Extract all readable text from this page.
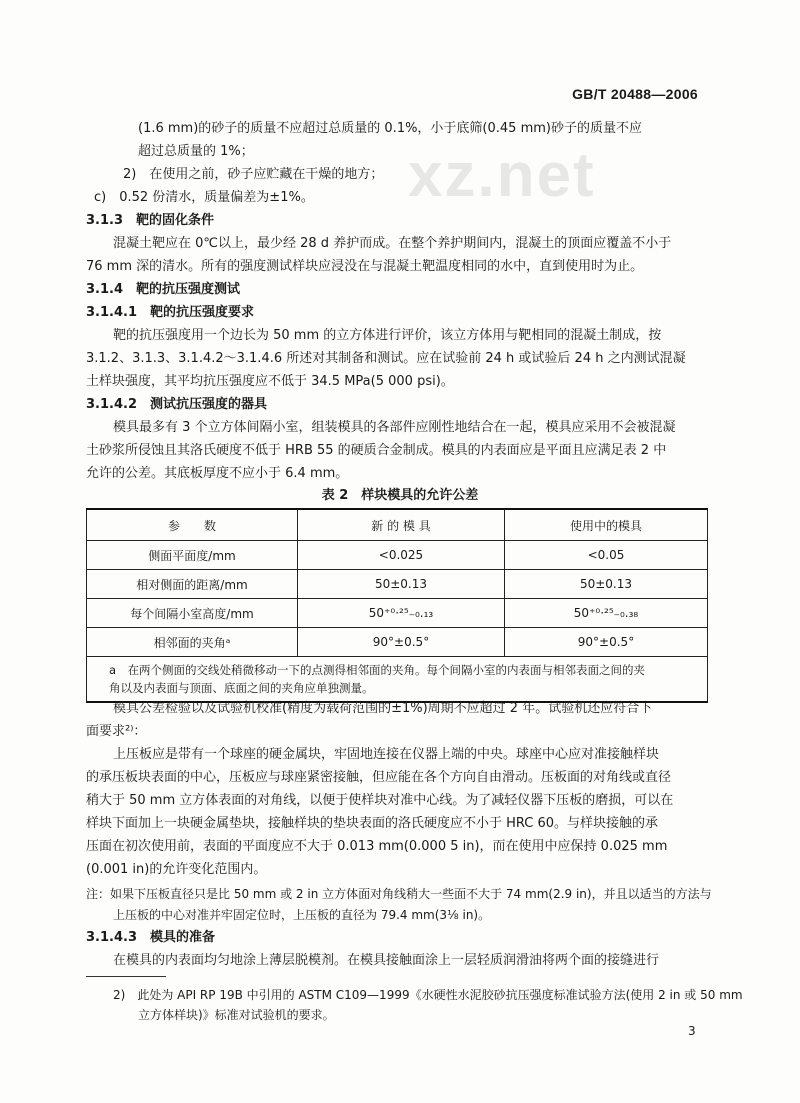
GB/T 20488—2006
xz.net
(1.6 mm)的砂子的质量不应超过总质量的 0.1%，小于底筛(0.45 mm)砂子的质量不应
超过总质量的 1%；
2)　在使用之前，砂子应贮藏在干燥的地方；
c)　0.52 份清水，质量偏差为±1%。
3.1.3　靶的固化条件
混凝土靶应在 0℃以上，最少经 28 d 养护而成。在整个养护期间内，混凝土的顶面应覆盖不小于
76 mm 深的清水。所有的强度测试样块应浸没在与混凝土靶温度相同的水中，直到使用时为止。
3.1.4　靶的抗压强度测试
3.1.4.1　靶的抗压强度要求
靶的抗压强度用一个边长为 50 mm 的立方体进行评价，该立方体用与靶相同的混凝土制成，按
3.1.2、3.1.3、3.1.4.2～3.1.4.6 所述对其制备和测试。应在试验前 24 h 或试验后 24 h 之内测试混凝
土样块强度，其平均抗压强度应不低于 34.5 MPa(5 000 psi)。
3.1.4.2　测试抗压强度的器具
模具最多有 3 个立方体间隔小室，组装模具的各部件应刚性地结合在一起，模具应采用不会被混凝
土砂浆所侵蚀且其洛氏硬度不低于 HRB 55 的硬质合金制成。模具的内表面应是平面且应满足表 2 中
允许的公差。其底板厚度不应小于 6.4 mm。
表 2　样块模具的允许公差
参　　数	新 的 模 具	使用中的模具
侧面平面度/mm	<0.025	<0.05
相对侧面的距离/mm	50±0.13	50±0.13
每个间隔小室高度/mm	50⁺⁰·²⁵₋₀.₁₃	50⁺⁰·²⁵₋₀.₃₈
相邻面的夹角ᵃ	90°±0.5°	90°±0.5°
a　 在两个侧面的交线处稍微移动一下的点测得相邻面的夹角。每个间隔小室的内表面与相邻表面之间的夹
角以及内表面与顶面、底面之间的夹角应单独测量。		
模具公差检验以及试验机校准(精度为载荷范围的±1%)周期不应超过 2 年。试验机还应符合下
面要求²⁾：
上压板应是带有一个球座的硬金属块，牢固地连接在仪器上端的中央。球座中心应对准接触样块
的承压板块表面的中心，压板应与球座紧密接触，但应能在各个方向自由滑动。压板面的对角线或直径
稍大于 50 mm 立方体表面的对角线，以便于使样块对准中心线。为了减轻仪器下压板的磨损，可以在
样块下面加上一块硬金属垫块，接触样块的垫块表面的洛氏硬度应不小于 HRC 60。与样块接触的承
压面在初次使用前，表面的平面度应不大于 0.013 mm(0.000 5 in)，而在使用中应保持 0.025 mm
(0.001 in)的允许变化范围内。
注：如果下压板直径只是比 50 mm 或 2 in 立方体面对角线稍大一些面不大于 74 mm(2.9 in)，并且以适当的方法与
上压板的中心对准并牢固定位时，上压板的直径为 79.4 mm(3⅛ in)。
3.1.4.3　模具的准备
在模具的内表面均匀地涂上薄层脱模剂。在模具接触面涂上一层轻质润滑油将两个面的接缝进行
2)　此处为 API RP 19B 中引用的 ASTM C109—1999《水硬性水泥胶砂抗压强度标准试验方法(使用 2 in 或 50 mm
立方体样块)》标准对试验机的要求。
3
